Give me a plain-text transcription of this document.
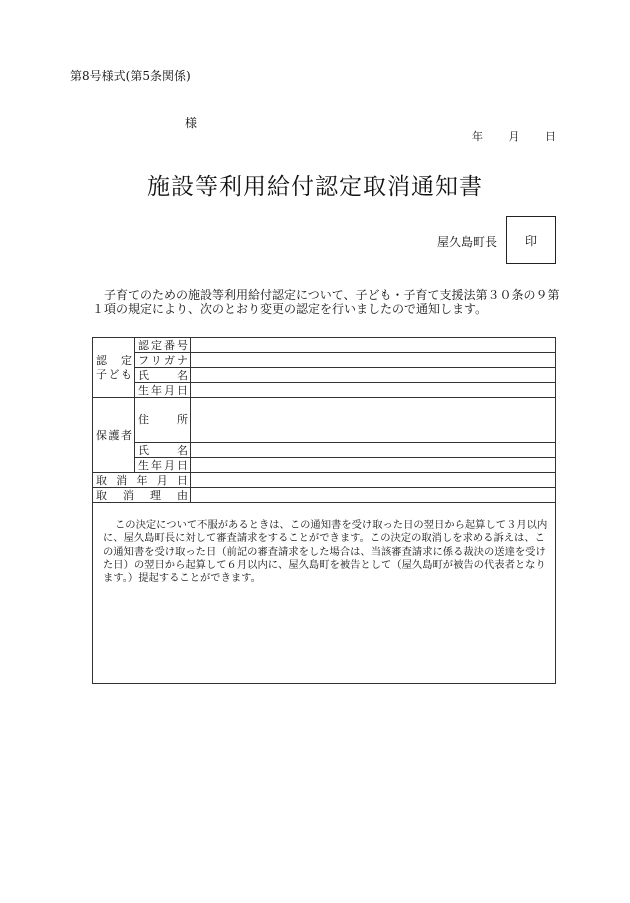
第8号様式(第5条関係)
様
年 月 日
施設等利用給付認定取消通知書
屋久島町長 印
子育てのための施設等利用給付認定について、子ども・子育て支援法第３０条の９第１項の規定により、次のとおり変更の認定を行いましたので通知します。
認　定
子ども
認定番号
フリガナ
氏名
生年月日
保護者
住所
氏名
生年月日
取消年月日
取消理由
この決定について不服があるときは、この通知書を受け取った日の翌日から起算して３月以内に、屋久島町長に対して審査請求をすることができます。この決定の取消しを求める訴えは、この通知書を受け取った日（前記の審査請求をした場合は、当該審査請求に係る裁決の送達を受けた日）の翌日から起算して６月以内に、屋久島町を被告として（屋久島町が被告の代表者となります。）提起することができます。
